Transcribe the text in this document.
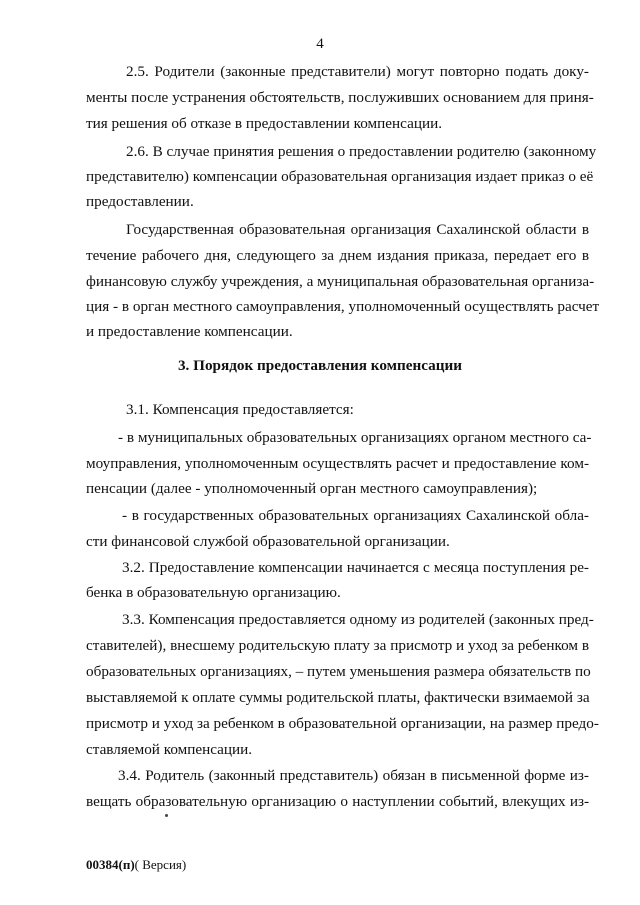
4
2.5. Родители (законные представители) могут повторно подать доку-
менты после устранения обстоятельств, послуживших основанием для приня-
тия решения об отказе в предоставлении компенсации.
2.6. В случае принятия решения о предоставлении родителю (законному
представителю) компенсации образовательная организация издает приказ о её
предоставлении.
Государственная образовательная организация Сахалинской области в
течение рабочего дня, следующего за днем издания приказа, передает его в
финансовую службу учреждения, а муниципальная образовательная организа-
ция - в орган местного самоуправления, уполномоченный осуществлять расчет
и предоставление компенсации.
3. Порядок предоставления компенсации
3.1. Компенсация предоставляется:
- в муниципальных образовательных организациях органом местного са-
моуправления, уполномоченным осуществлять расчет и предоставление ком-
пенсации (далее - уполномоченный орган местного самоуправления);
- в государственных образовательных организациях Сахалинской обла-
сти финансовой службой образовательной организации.
3.2. Предоставление компенсации начинается с месяца поступления ре-
бенка в образовательную организацию.
3.3. Компенсация предоставляется одному из родителей (законных пред-
ставителей), внесшему родительскую плату за присмотр и уход за ребенком в
образовательных организациях, – путем уменьшения размера обязательств по
выставляемой к оплате суммы родительской платы, фактически взимаемой за
присмотр и уход за ребенком в образовательной организации, на размер предо-
ставляемой компенсации.
3.4. Родитель (законный представитель) обязан в письменной форме из-
вещать образовательную организацию о наступлении событий, влекущих из-
00384(п)( Версия)
